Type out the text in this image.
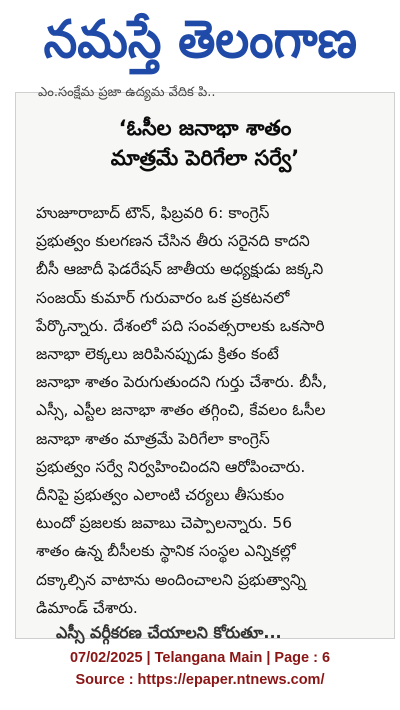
నమస్తే తెలంగాణ
ఎం.సంక్షేమ ప్రజా ఉద్యమ వేదిక పి..
‘ఓసీల జనాభా శాతం
మాత్రమే పెరిగేలా సర్వే’
హుజూరాబాద్ టౌన్, ఫిబ్రవరి 6: కాంగ్రెస్
ప్రభుత్వం కులగణన చేసిన తీరు సరైనది కాదని
బీసీ ఆజాదీ ఫెడరేషన్ జాతీయ అధ్యక్షుడు జక్కని
సంజయ్ కుమార్ గురువారం ఒక ప్రకటనలో
పేర్కొన్నారు. దేశంలో పది సంవత్సరాలకు ఒకసారి
జనాభా లెక్కలు జరిపినప్పుడు క్రితం కంటే
జనాభా శాతం పెరుగుతుందని గుర్తు చేశారు. బీసీ,
ఎస్సీ, ఎస్టీల జనాభా శాతం తగ్గించి, కేవలం ఓసీల
జనాభా శాతం మాత్రమే పెరిగేలా కాంగ్రెస్
ప్రభుత్వం సర్వే నిర్వహించిందని ఆరోపించారు.
దీనిపై ప్రభుత్వం ఎలాంటి చర్యలు తీసుకుం
టుందో ప్రజలకు జవాబు చెప్పాలన్నారు. 56
శాతం ఉన్న బీసీలకు స్థానిక సంస్థల ఎన్నికల్లో
దక్కాల్సిన వాటాను అందించాలని ప్రభుత్వాన్ని
డిమాండ్ చేశారు.
ఎస్సీ వర్గీకరణ చేయాలని కోరుతూ...
07/02/2025 | Telangana Main | Page : 6
Source : https://epaper.ntnews.com/
